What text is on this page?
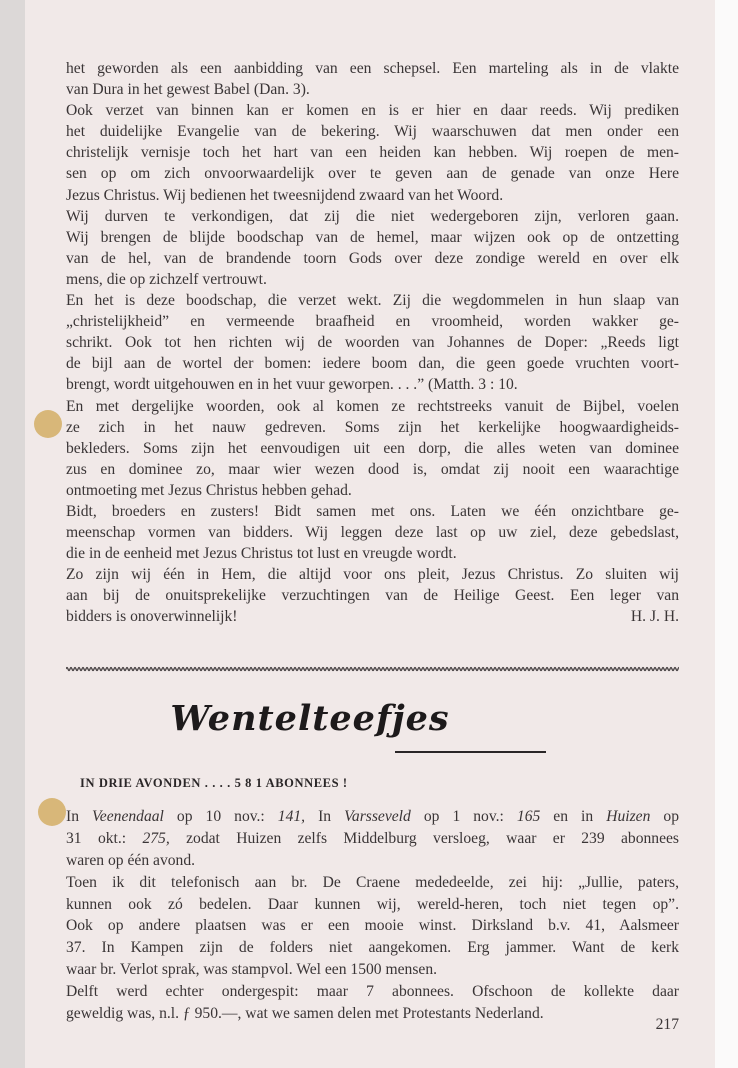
het geworden als een aanbidding van een schepsel. Een marteling als in de vlakte
van Dura in het gewest Babel (Dan. 3).
Ook verzet van binnen kan er komen en is er hier en daar reeds. Wij prediken
het duidelijke Evangelie van de bekering. Wij waarschuwen dat men onder een
christelijk vernisje toch het hart van een heiden kan hebben. Wij roepen de men-
sen op om zich onvoorwaardelijk over te geven aan de genade van onze Here
Jezus Christus. Wij bedienen het tweesnijdend zwaard van het Woord.
Wij durven te verkondigen, dat zij die niet wedergeboren zijn, verloren gaan.
Wij brengen de blijde boodschap van de hemel, maar wijzen ook op de ontzetting
van de hel, van de brandende toorn Gods over deze zondige wereld en over elk
mens, die op zichzelf vertrouwt.
En het is deze boodschap, die verzet wekt. Zij die wegdommelen in hun slaap van
„christelijkheid” en vermeende braafheid en vroomheid, worden wakker ge-
schrikt. Ook tot hen richten wij de woorden van Johannes de Doper: „Reeds ligt
de bijl aan de wortel der bomen: iedere boom dan, die geen goede vruchten voort-
brengt, wordt uitgehouwen en in het vuur geworpen. . . .” (Matth. 3 : 10.
En met dergelijke woorden, ook al komen ze rechtstreeks vanuit de Bijbel, voelen
ze zich in het nauw gedreven. Soms zijn het kerkelijke hoogwaardigheids-
bekleders. Soms zijn het eenvoudigen uit een dorp, die alles weten van dominee
zus en dominee zo, maar wier wezen dood is, omdat zij nooit een waarachtige
ontmoeting met Jezus Christus hebben gehad.
Bidt, broeders en zusters! Bidt samen met ons. Laten we één onzichtbare ge-
meenschap vormen van bidders. Wij leggen deze last op uw ziel, deze gebedslast,
die in de eenheid met Jezus Christus tot lust en vreugde wordt.
Zo zijn wij één in Hem, die altijd voor ons pleit, Jezus Christus. Zo sluiten wij
aan bij de onuitsprekelijke verzuchtingen van de Heilige Geest. Een leger van
bidders is onoverwinnelijk!	H. J. H.
Wentelteefjes
IN DRIE AVONDEN . . . . 5 8 1 ABONNEES !
In Veenendaal op 10 nov.: 141, In Varsseveld op 1 nov.: 165 en in Huizen op
31 okt.: 275, zodat Huizen zelfs Middelburg versloeg, waar er 239 abonnees
waren op één avond.
Toen ik dit telefonisch aan br. De Craene mededeelde, zei hij: „Jullie, paters,
kunnen ook zó bedelen. Daar kunnen wij, wereld-heren, toch niet tegen op”.
Ook op andere plaatsen was er een mooie winst. Dirksland b.v. 41, Aalsmeer
37. In Kampen zijn de folders niet aangekomen. Erg jammer. Want de kerk
waar br. Verlot sprak, was stampvol. Wel een 1500 mensen.
Delft werd echter ondergespit: maar 7 abonnees. Ofschoon de kollekte daar
geweldig was, n.l. ƒ 950.—, wat we samen delen met Protestants Nederland.
217
